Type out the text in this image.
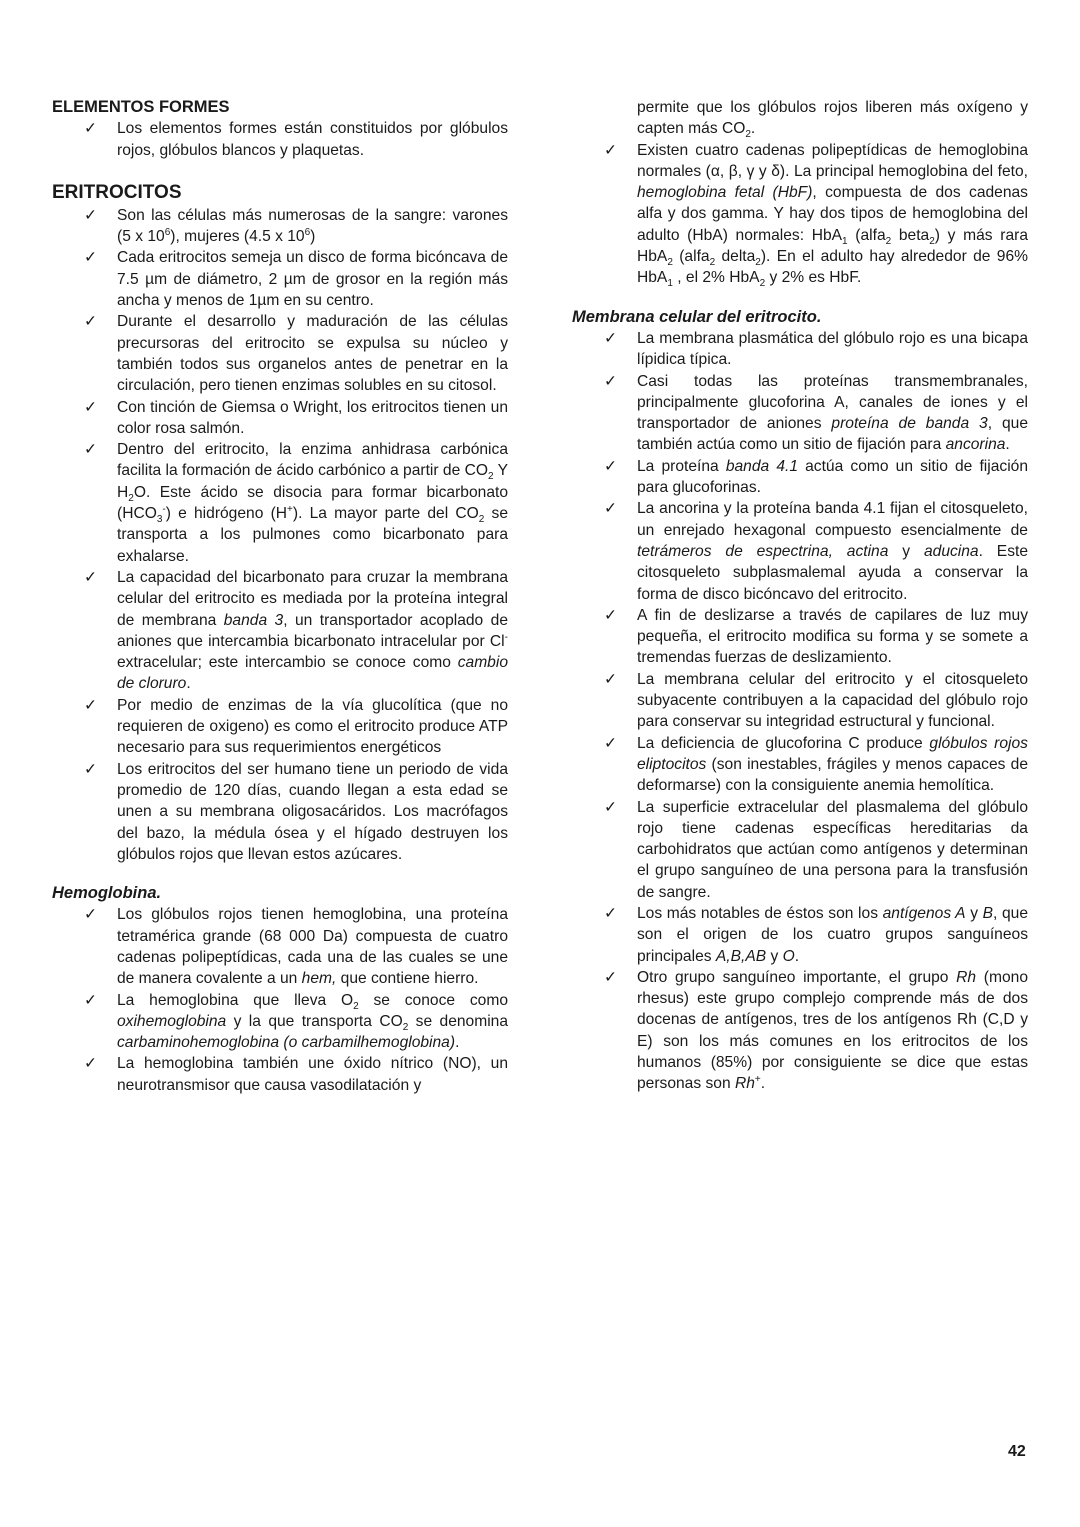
ELEMENTOS FORMES
✓ Los elementos formes están constituidos por glóbulos rojos, glóbulos blancos y plaquetas.
ERITROCITOS
✓ Son las células más numerosas de la sangre: varones (5 x $10^6$), mujeres (4.5 x $10^6$)
✓ Cada eritrocitos semeja un disco de forma bicóncava de 7.5 µm de diámetro, 2 µm de grosor en la región más ancha y menos de 1µm en su centro.
✓ Durante el desarrollo y maduración de las células precursoras del eritrocito se expulsa su núcleo y también todos sus organelos antes de penetrar en la circulación, pero tienen enzimas solubles en su citosol.
✓ Con tinción de Giemsa o Wright, los eritrocitos tienen un color rosa salmón.
✓ Dentro del eritrocito, la enzima anhidrasa carbónica facilita la formación de ácido carbónico a partir de $CO_2$ Y $H_2O$. Este ácido se disocia para formar bicarbonato $(HCO_3^-)$ e hidrógeno (H+). La mayor parte del $CO_2$ se transporta a los pulmones como bicarbonato para exhalarse.
✓ La capacidad del bicarbonato para cruzar la membrana celular del eritrocito es mediada por la proteína integral de membrana banda 3, un transportador acoplado de aniones que intercambia bicarbonato intracelular por Cl- extracelular; este intercambio se conoce como cambio de cloruro.
✓ Por medio de enzimas de la vía glucolítica (que no requieren de oxigeno) es como el eritrocito produce ATP necesario para sus requerimientos energéticos
✓ Los eritrocitos del ser humano tiene un periodo de vida promedio de 120 días, cuando llegan a esta edad se unen a su membrana oligosacáridos. Los macrófagos del bazo, la médula ósea y el hígado destruyen los glóbulos rojos que llevan estos azúcares.
Hemoglobina.
✓ Los glóbulos rojos tienen hemoglobina, una proteína tetramérica grande (68 000 Da) compuesta de cuatro cadenas polipeptídicas, cada una de las cuales se une de manera covalente a un hem, que contiene hierro.
✓ La hemoglobina que lleva $O_2$ se conoce como oxihemoglobina y la que transporta $CO_2$ se denomina carbaminohemoglobina (o carbamilhemoglobina).
✓ La hemoglobina también une óxido nítrico (NO), un neurotransmisor que causa vasodilatación y
permite que los glóbulos rojos liberen más oxígeno y capten más $CO_2$.
✓ Existen cuatro cadenas polipeptídicas de hemoglobina normales (α, β, γ y δ). La principal hemoglobina del feto, hemoglobina fetal (HbF), compuesta de dos cadenas alfa y dos gamma. Y hay dos tipos de hemoglobina del adulto (HbA) normales: HbA$_1$ (alfa$_2$ beta$_2$) y más rara HbA$_2$ (alfa$_2$ delta$_2$). En el adulto hay alrededor de 96% HbA$_1$ , el 2% HbA$_2$ y 2% es HbF.
Membrana celular del eritrocito.
✓ La membrana plasmática del glóbulo rojo es una bicapa lípidica típica.
✓ Casi todas las proteínas transmembranales, principalmente glucoforina A, canales de iones y el transportador de aniones proteína de banda 3, que también actúa como un sitio de fijación para ancorina.
✓ La proteína banda 4.1 actúa como un sitio de fijación para glucoforinas.
✓ La ancorina y la proteína banda 4.1 fijan el citosqueleto, un enrejado hexagonal compuesto esencialmente de tetrámeros de espectrina, actina y aducina. Este citosqueleto subplasmalemal ayuda a conservar la forma de disco bicóncavo del eritrocito.
✓ A fin de deslizarse a través de capilares de luz muy pequeña, el eritrocito modifica su forma y se somete a tremendas fuerzas de deslizamiento.
✓ La membrana celular del eritrocito y el citosqueleto subyacente contribuyen a la capacidad del glóbulo rojo para conservar su integridad estructural y funcional.
✓ La deficiencia de glucoforina C produce glóbulos rojos eliptocitos (son inestables, frágiles y menos capaces de deformarse) con la consiguiente anemia hemolítica.
✓ La superficie extracelular del plasmalema del glóbulo rojo tiene cadenas específicas hereditarias da carbohidratos que actúan como antígenos y determinan el grupo sanguíneo de una persona para la transfusión de sangre.
✓ Los más notables de éstos son los antígenos A y B, que son el origen de los cuatro grupos sanguíneos principales A,B,AB y O.
✓ Otro grupo sanguíneo importante, el grupo Rh (mono rhesus) este grupo complejo comprende más de dos docenas de antígenos, tres de los antígenos Rh (C,D y E) son los más comunes en los eritrocitos de los humanos (85%) por consiguiente se dice que estas personas son Rh+.
42
